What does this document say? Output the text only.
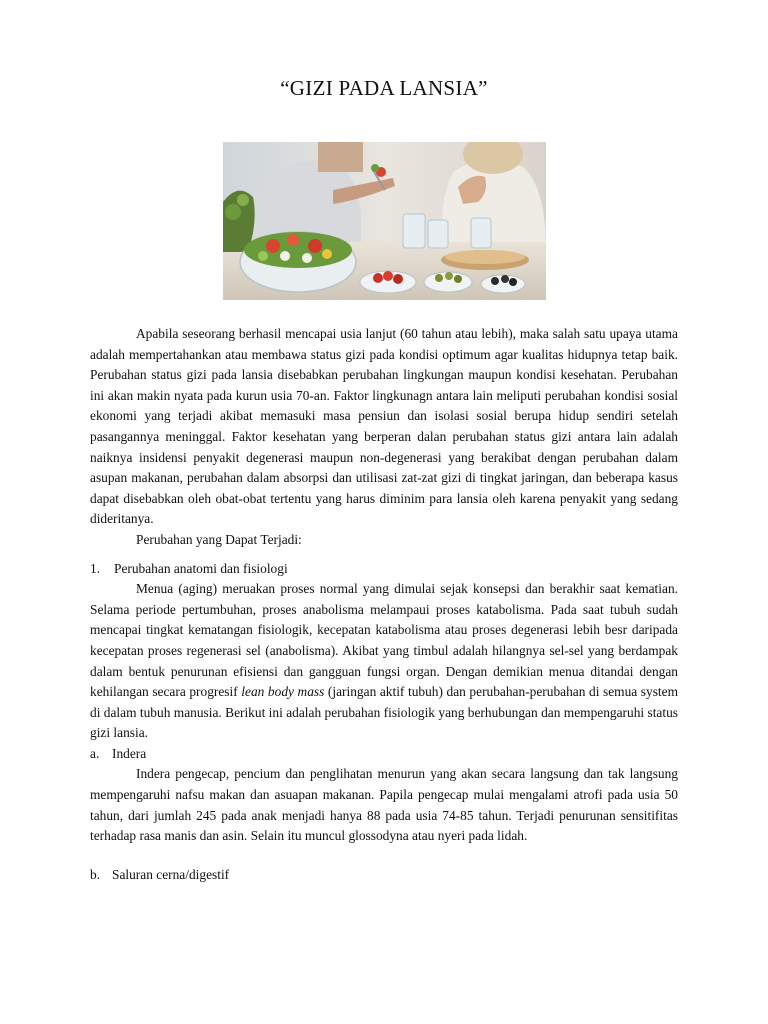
“GIZI PADA LANSIA”

Apabila seseorang berhasil mencapai usia lanjut (60 tahun atau lebih), maka salah satu upaya utama adalah mempertahankan atau membawa status gizi pada kondisi optimum agar kualitas hidupnya tetap baik. Perubahan status gizi pada lansia disebabkan perubahan lingkungan maupun kondisi kesehatan. Perubahan ini akan makin nyata pada kurun usia 70-an. Faktor lingkunagn antara lain meliputi perubahan kondisi sosial ekonomi yang terjadi akibat memasuki masa pensiun dan isolasi sosial berupa hidup sendiri setelah pasangannya meninggal. Faktor kesehatan yang berperan dalan perubahan status gizi antara lain adalah naiknya insidensi penyakit degenerasi maupun non-degenerasi yang berakibat dengan perubahan dalam asupan makanan, perubahan dalam absorpsi dan utilisasi zat-zat gizi di tingkat jaringan, dan beberapa kasus dapat disebabkan oleh obat-obat tertentu yang harus diminim para lansia oleh karena penyakit yang sedang dideritanya.

Perubahan yang Dapat Terjadi:

1. Perubahan anatomi dan fisiologi

Menua (aging) meruakan proses normal yang dimulai sejak konsepsi dan berakhir saat kematian. Selama periode pertumbuhan, proses anabolisma melampaui proses katabolisma. Pada saat tubuh sudah mencapai tingkat kematangan fisiologik, kecepatan katabolisma atau proses degenerasi lebih besr daripada kecepatan proses regenerasi sel (anabolisma). Akibat yang timbul adalah hilangnya sel-sel yang berdampak dalam bentuk penurunan efisiensi dan gangguan fungsi organ. Dengan demikian menua ditandai dengan kehilangan secara progresif lean body mass (jaringan aktif tubuh) dan perubahan-perubahan di semua system di dalam tubuh manusia. Berikut ini adalah perubahan fisiologik yang berhubungan dan mempengaruhi status gizi lansia.

a. Indera

Indera pengecap, pencium dan penglihatan menurun yang akan secara langsung dan tak langsung mempengaruhi nafsu makan dan asuapan makanan. Papila pengecap mulai mengalami atrofi pada usia 50 tahun, dari jumlah 245 pada anak menjadi hanya 88 pada usia 74-85 tahun. Terjadi penurunan sensitifitas terhadap rasa manis dan asin. Selain itu muncul glossodyna atau nyeri pada lidah.

b. Saluran cerna/digestif
